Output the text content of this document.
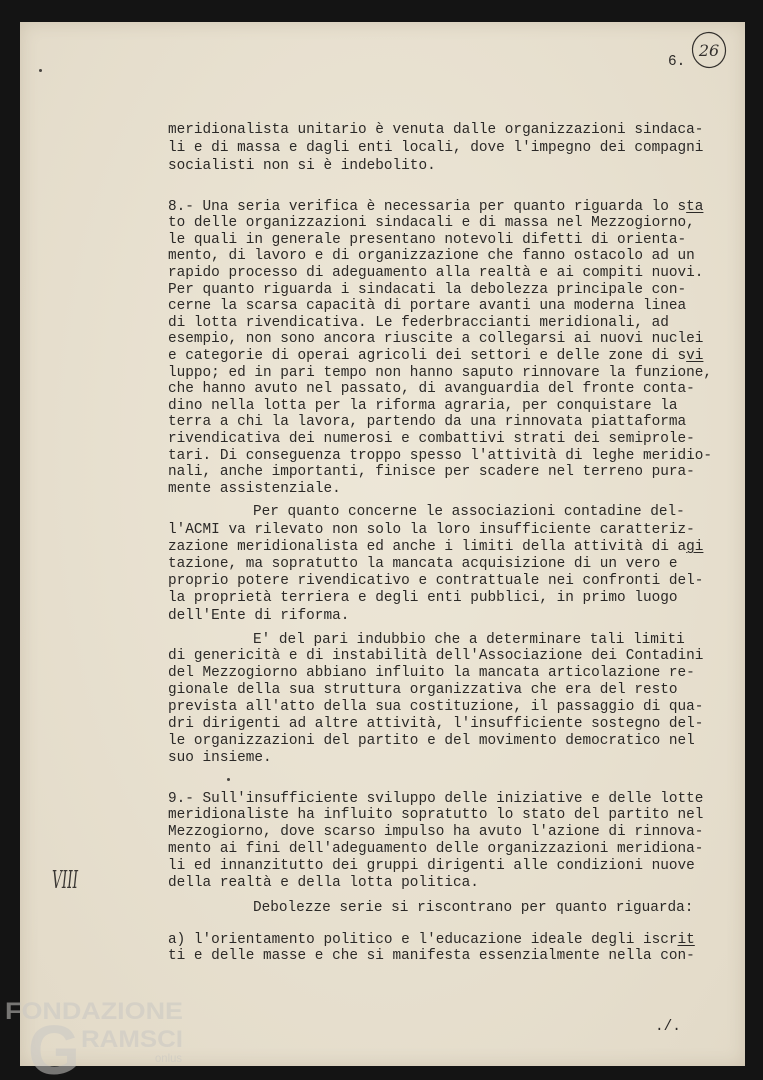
6.
26
meridionalista unitario è venuta dalle organizzazioni sindaca-
li e di massa e dagli enti locali, dove l'impegno dei compagni
socialisti non si è indebolito.
8.- Una seria verifica è necessaria per quanto riguarda lo sta
to delle organizzazioni sindacali e di massa nel Mezzogiorno,
le quali in generale presentano notevoli difetti di orienta-
mento, di lavoro e di organizzazione che fanno ostacolo ad un
rapido processo di adeguamento alla realtà e ai compiti nuovi.
Per quanto riguarda i sindacati la debolezza principale con-
cerne la scarsa capacità di portare avanti una moderna linea
di lotta rivendicativa. Le federbraccianti meridionali, ad
esempio, non sono ancora riuscite a collegarsi ai nuovi nuclei
e categorie di operai agricoli dei settori e delle zone di svi
luppo; ed in pari tempo non hanno saputo rinnovare la funzione,
che hanno avuto nel passato, di avanguardia del fronte conta-
dino nella lotta per la riforma agraria, per conquistare la
terra a chi la lavora, partendo da una rinnovata piattaforma
rivendicativa dei numerosi e combattivi strati dei semiprole-
tari. Di conseguenza troppo spesso l'attività di leghe meridio-
nali, anche importanti, finisce per scadere nel terreno pura-
mente assistenziale.
Per quanto concerne le associazioni contadine del-
l'ACMI va rilevato non solo la loro insufficiente caratteriz-
zazione meridionalista ed anche i limiti della attività di agi
tazione, ma sopratutto la mancata acquisizione di un vero e
proprio potere rivendicativo e contrattuale nei confronti del-
la proprietà terriera e degli enti pubblici, in primo luogo
dell'Ente di riforma.
E' del pari indubbio che a determinare tali limiti
di genericità e di instabilità dell'Associazione dei Contadini
del Mezzogiorno abbiano influito la mancata articolazione re-
gionale della sua struttura organizzativa che era del resto
prevista all'atto della sua costituzione, il passaggio di qua-
dri dirigenti ad altre attività, l'insufficiente sostegno del-
le organizzazioni del partito e del movimento democratico nel
suo insieme.
9.- Sull'insufficiente sviluppo delle iniziative e delle lotte
meridionaliste ha influito sopratutto lo stato del partito nel
Mezzogiorno, dove scarso impulso ha avuto l'azione di rinnova-
mento ai fini dell'adeguamento delle organizzazioni meridiona-
li ed innanzitutto dei gruppi dirigenti alle condizioni nuove
della realtà e della lotta politica.
VIII
Debolezze serie si riscontrano per quanto riguarda:
a) l'orientamento politico e l'educazione ideale degli iscrit
ti e delle masse e che si manifesta essenzialmente nella con-
./.
FONDAZIONE
G RAMSCI
onlus
